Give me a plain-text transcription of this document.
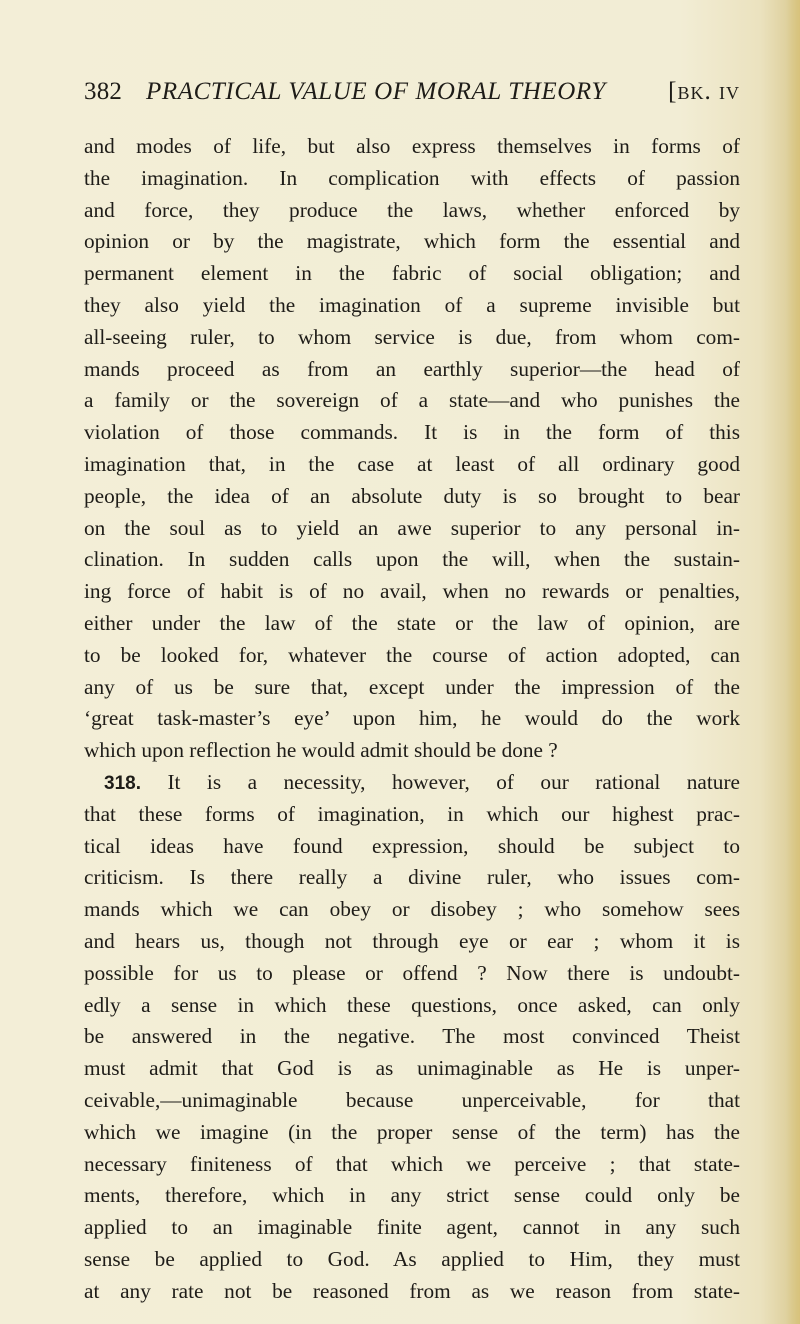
382 PRACTICAL VALUE OF MORAL THEORY [bk. iv
and modes of life, but also express themselves in forms of
the imagination. In complication with effects of passion
and force, they produce the laws, whether enforced by
opinion or by the magistrate, which form the essential and
permanent element in the fabric of social obligation; and
they also yield the imagination of a supreme invisible but
all-seeing ruler, to whom service is due, from whom com-
mands proceed as from an earthly superior—the head of
a family or the sovereign of a state—and who punishes the
violation of those commands. It is in the form of this
imagination that, in the case at least of all ordinary good
people, the idea of an absolute duty is so brought to bear
on the soul as to yield an awe superior to any personal in-
clination. In sudden calls upon the will, when the sustain-
ing force of habit is of no avail, when no rewards or penalties,
either under the law of the state or the law of opinion, are
to be looked for, whatever the course of action adopted, can
any of us be sure that, except under the impression of the
‘great task-master’s eye’ upon him, he would do the work
which upon reflection he would admit should be done ?
318. It is a necessity, however, of our rational nature
that these forms of imagination, in which our highest prac-
tical ideas have found expression, should be subject to
criticism. Is there really a divine ruler, who issues com-
mands which we can obey or disobey ; who somehow sees
and hears us, though not through eye or ear ; whom it is
possible for us to please or offend ? Now there is undoubt-
edly a sense in which these questions, once asked, can only
be answered in the negative. The most convinced Theist
must admit that God is as unimaginable as He is unper-
ceivable,—unimaginable because unperceivable, for that
which we imagine (in the proper sense of the term) has the
necessary finiteness of that which we perceive ; that state-
ments, therefore, which in any strict sense could only be
applied to an imaginable finite agent, cannot in any such
sense be applied to God. As applied to Him, they must
at any rate not be reasoned from as we reason from state-
